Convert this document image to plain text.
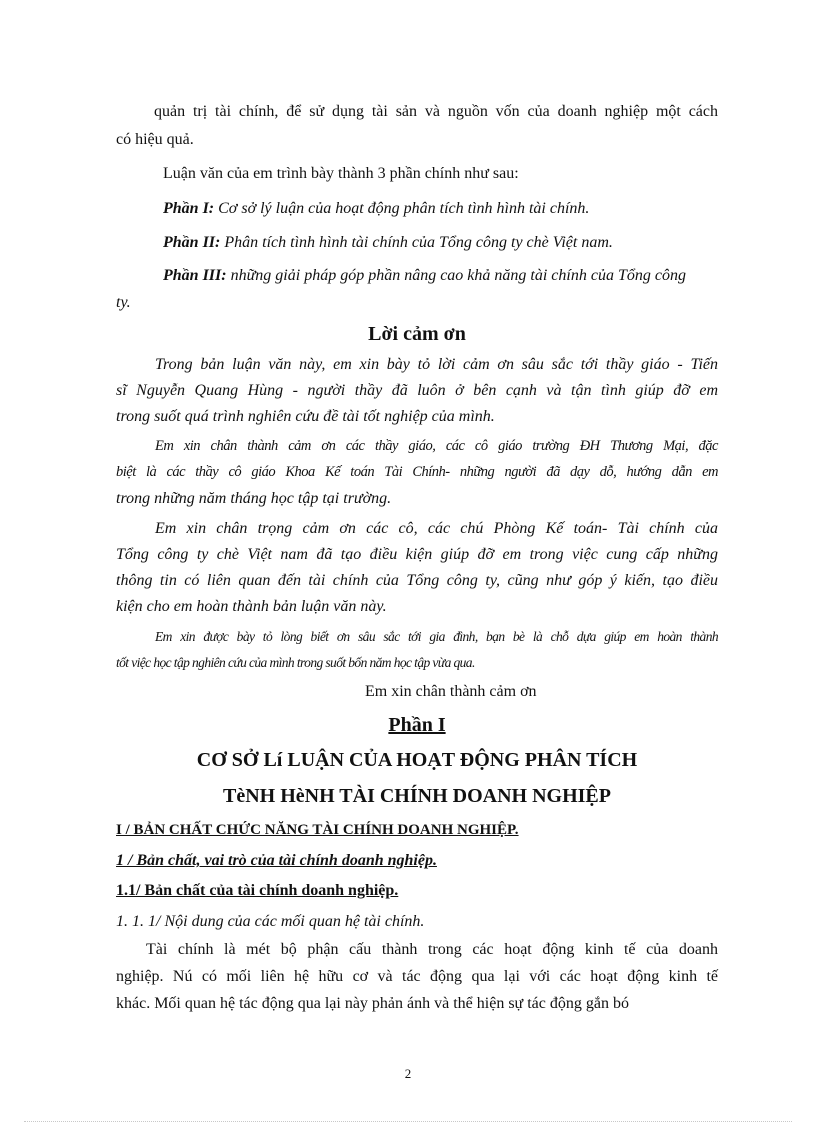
quản trị tài chính, để sử dụng tài sản và nguồn vốn của doanh nghiệp một cách
có hiệu quả.
Luận văn của em trình bày thành 3 phần chính như sau:
Phần I: Cơ sở lý luận của hoạt động phân tích tình hình tài chính.
Phần II: Phân tích tình hình tài chính của Tổng công ty chè Việt nam.
Phần III: những giải pháp góp phần nâng cao khả năng tài chính của Tổng công
ty.
Lời cảm ơn
Trong bản luận văn này, em xin bày tỏ lời cảm ơn sâu sắc tới thầy giáo - Tiến
sĩ Nguyễn Quang Hùng - người thầy đã luôn ở bên cạnh và tận tình giúp đỡ em
trong suốt quá trình nghiên cứu đề tài tốt nghiệp của mình.
Em xin chân thành cảm ơn các thầy giáo, các cô giáo trường ĐH Thương Mại, đặc
biệt là các thầy cô giáo Khoa Kế toán Tài Chính- những người đã dạy dỗ, hướng dẫn em
trong những năm tháng học tập tại trường.
Em xin chân trọng cảm ơn các cô, các chú Phòng Kế toán- Tài chính của
Tổng công ty chè Việt nam đã tạo điều kiện giúp đỡ em trong việc cung cấp những
thông tin có liên quan đến tài chính của Tổng công ty, cũng như góp ý kiến, tạo điều
kiện cho em hoàn thành bản luận văn này.
Em xin được bày tỏ lòng biết ơn sâu sắc tới gia đình, bạn bè là chỗ dựa giúp em hoàn thành
tốt việc học tập nghiên cứu của mình trong suốt bốn năm học tập vừa qua.
Em xin chân thành cảm ơn
Phần I
CƠ SỞ Lí LUẬN CỦA HOẠT ĐỘNG PHÂN TÍCH
TèNH HèNH TÀI CHÍNH DOANH NGHIỆP
I / BẢN CHẤT CHỨC NĂNG TÀI CHÍNH DOANH NGHIỆP.
1 / Bản chất, vai trò của tài chính doanh nghiệp.
1.1/ Bản chất của tài chính doanh nghiệp.
1. 1. 1/ Nội dung của các mối quan hệ tài chính.
Tài chính là mét bộ phận cấu thành trong các hoạt động kinh tế của doanh
nghiệp. Nú có mối liên hệ hữu cơ và tác động qua lại với các hoạt động kinh tế
khác. Mối quan hệ tác động qua lại này phản ánh và thể hiện sự tác động gắn bó
2
